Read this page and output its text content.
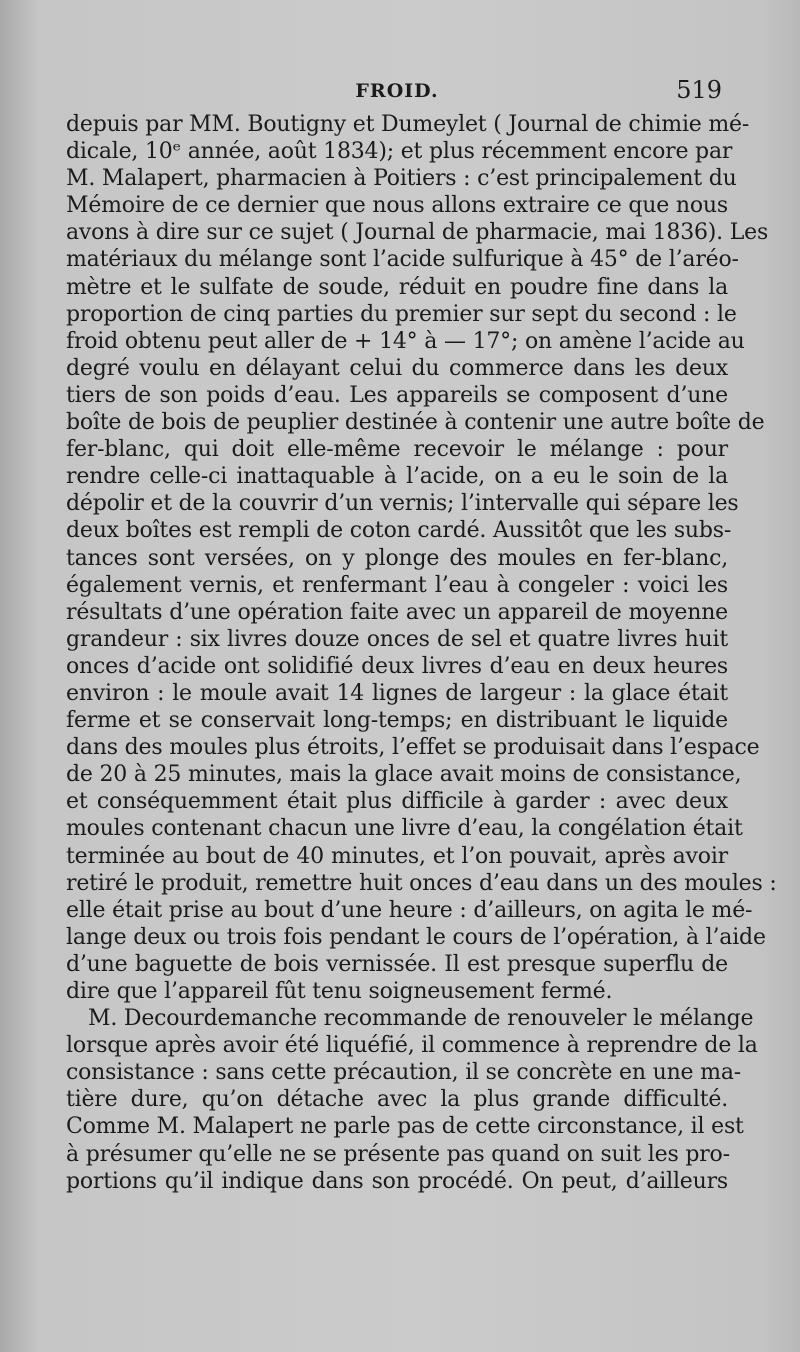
FROID.	519
depuis par MM. Boutigny et Dumeylet ( Journal de chimie mé-
dicale, 10ᵉ année, août 1834); et plus récemment encore par
M. Malapert, pharmacien à Poitiers : c’est principalement du
Mémoire de ce dernier que nous allons extraire ce que nous
avons à dire sur ce sujet ( Journal de pharmacie, mai 1836). Les
matériaux du mélange sont l’acide sulfurique à 45° de l’aréo-
mètre et le sulfate de soude, réduit en poudre fine dans la
proportion de cinq parties du premier sur sept du second : le
froid obtenu peut aller de + 14° à — 17°; on amène l’acide au
degré voulu en délayant celui du commerce dans les deux
tiers de son poids d’eau. Les appareils se composent d’une
boîte de bois de peuplier destinée à contenir une autre boîte de
fer-blanc, qui doit elle-même recevoir le mélange : pour
rendre celle-ci inattaquable à l’acide, on a eu le soin de la
dépolir et de la couvrir d’un vernis; l’intervalle qui sépare les
deux boîtes est rempli de coton cardé. Aussitôt que les subs-
tances sont versées, on y plonge des moules en fer-blanc,
également vernis, et renfermant l’eau à congeler : voici les
résultats d’une opération faite avec un appareil de moyenne
grandeur : six livres douze onces de sel et quatre livres huit
onces d’acide ont solidifié deux livres d’eau en deux heures
environ : le moule avait 14 lignes de largeur : la glace était
ferme et se conservait long-temps; en distribuant le liquide
dans des moules plus étroits, l’effet se produisait dans l’espace
de 20 à 25 minutes, mais la glace avait moins de consistance,
et conséquemment était plus difficile à garder : avec deux
moules contenant chacun une livre d’eau, la congélation était
terminée au bout de 40 minutes, et l’on pouvait, après avoir
retiré le produit, remettre huit onces d’eau dans un des moules :
elle était prise au bout d’une heure : d’ailleurs, on agita le mé-
lange deux ou trois fois pendant le cours de l’opération, à l’aide
d’une baguette de bois vernissée. Il est presque superflu de
dire que l’appareil fût tenu soigneusement fermé.
M. Decourdemanche recommande de renouveler le mélange
lorsque après avoir été liquéfié, il commence à reprendre de la
consistance : sans cette précaution, il se concrète en une ma-
tière dure, qu’on détache avec la plus grande difficulté.
Comme M. Malapert ne parle pas de cette circonstance, il est
à présumer qu’elle ne se présente pas quand on suit les pro-
portions qu’il indique dans son procédé. On peut, d’ailleurs
